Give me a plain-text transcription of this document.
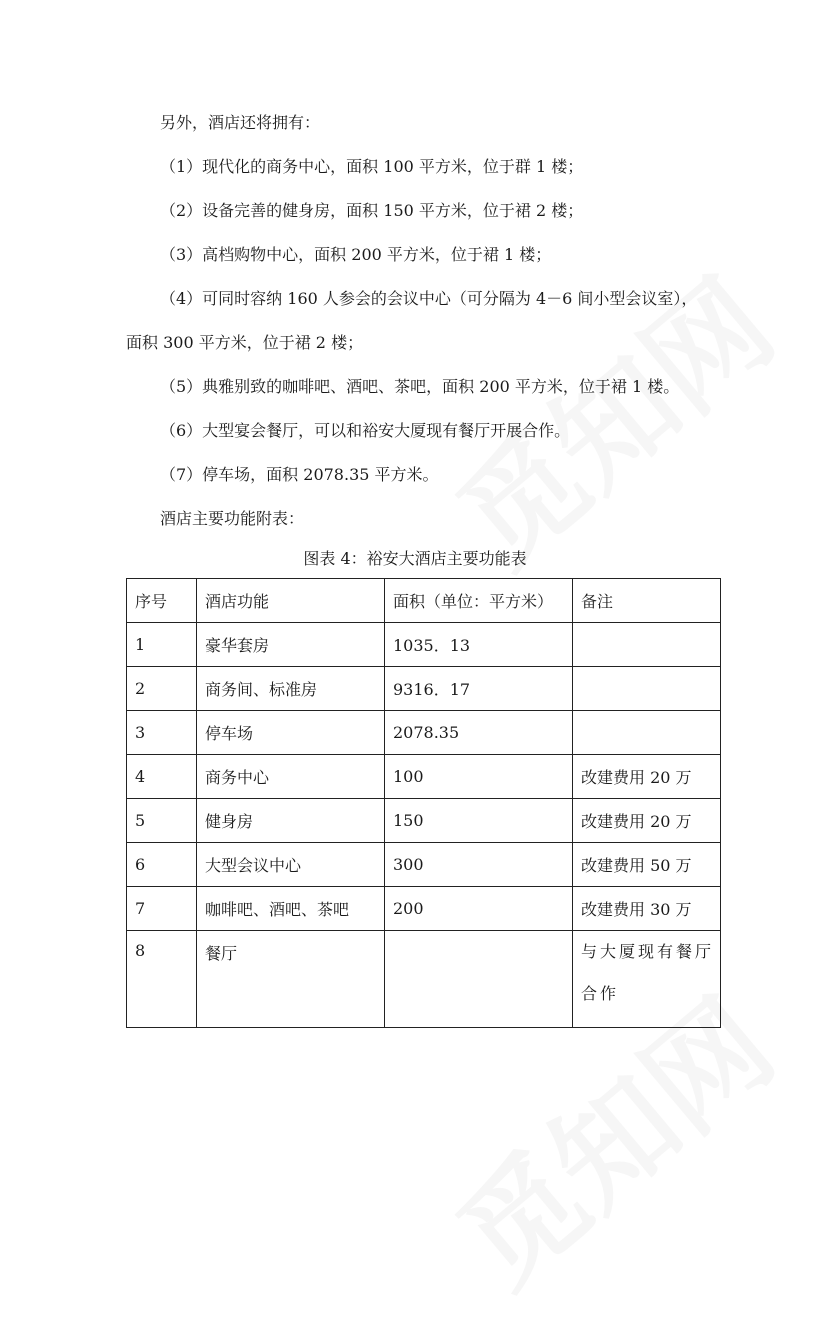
另外，酒店还将拥有：
（1）现代化的商务中心，面积 100 平方米，位于群 1 楼；
（2）设备完善的健身房，面积 150 平方米，位于裙 2 楼；
（3）高档购物中心，面积 200 平方米，位于裙 1 楼；
（4）可同时容纳 160 人参会的会议中心（可分隔为 4－6 间小型会议室），
面积 300 平方米，位于裙 2 楼；
（5）典雅别致的咖啡吧、酒吧、茶吧，面积 200 平方米，位于裙 1 楼。
（6）大型宴会餐厅，可以和裕安大厦现有餐厅开展合作。
（7）停车场，面积 2078.35 平方米。
酒店主要功能附表：
图表 4：裕安大酒店主要功能表
序号	酒店功能	面积（单位：平方米）	备注
1	豪华套房	1035．13	
2	商务间、标准房	9316．17	
3	停车场	2078.35	
4	商务中心	100	改建费用 20 万
5	健身房	150	改建费用 20 万
6	大型会议中心	300	改建费用 50 万
7	咖啡吧、酒吧、茶吧	200	改建费用 30 万
8	餐厅		与大厦现有餐厅合作
